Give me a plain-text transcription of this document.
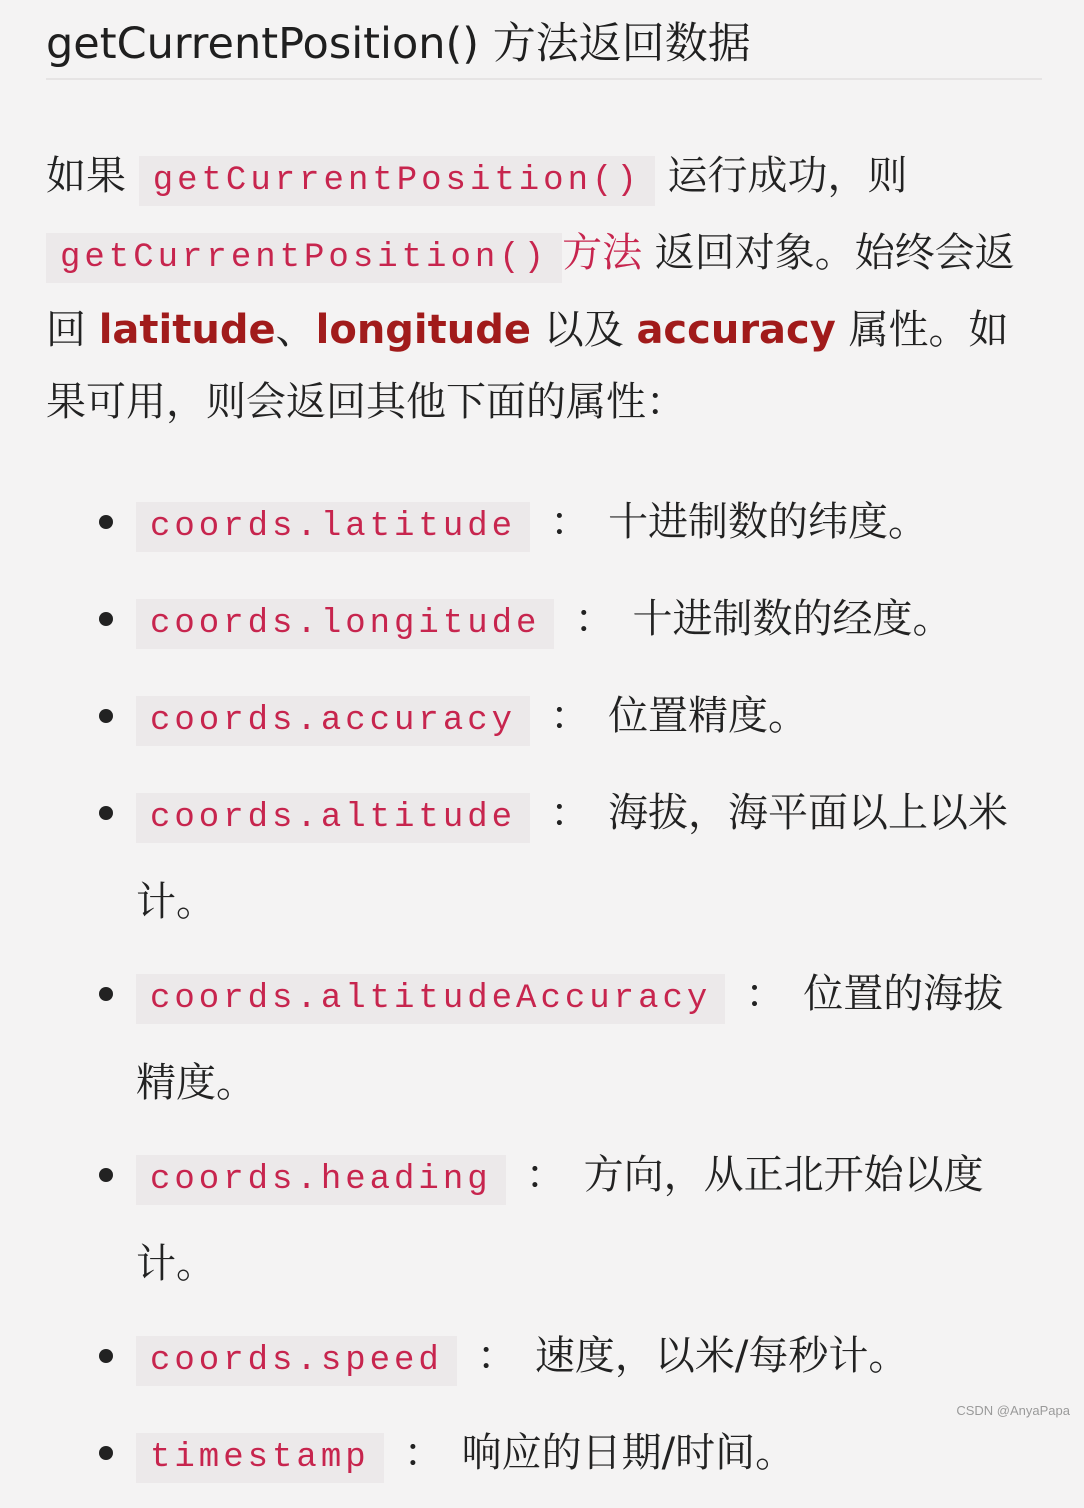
getCurrentPosition() 方法返回数据

如果 getCurrentPosition() 运行成功，则 getCurrentPosition() 方法 返回对象。始终会返回 latitude、longitude 以及 accuracy 属性。如果可用，则会返回其他下面的属性：

coords.latitude ： 十进制数的纬度。
coords.longitude ： 十进制数的经度。
coords.accuracy ： 位置精度。
coords.altitude ： 海拔，海平面以上以米计。
coords.altitudeAccuracy ： 位置的海拔精度。
coords.heading ： 方向，从正北开始以度计。
coords.speed ： 速度，以米/每秒计。
timestamp ： 响应的日期/时间。
CSDN @AnyaPapa
